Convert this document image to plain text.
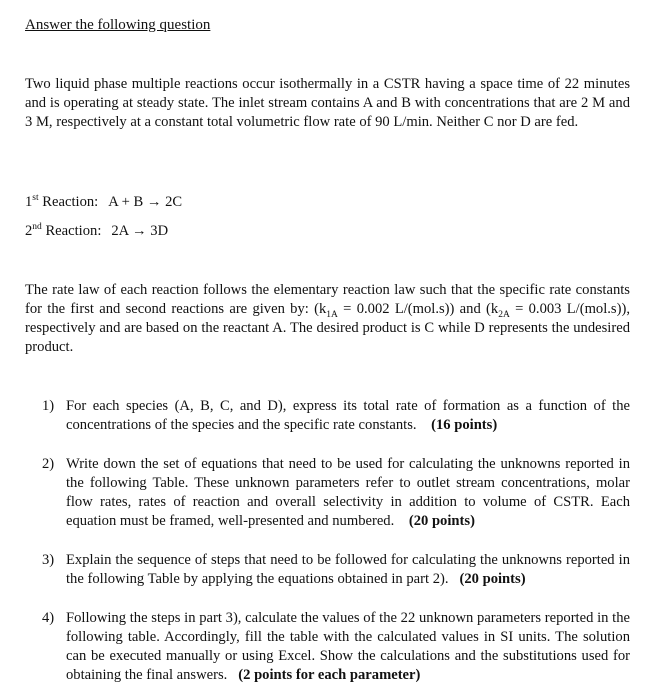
Answer the following question
Two liquid phase multiple reactions occur isothermally in a CSTR having a space time of 22 minutes and is operating at steady state. The inlet stream contains A and B with concentrations that are 2 M and 3 M, respectively at a constant total volumetric flow rate of 90 L/min. Neither C nor D are fed.
1st Reaction: A + B → 2C
2nd Reaction: 2A → 3D
The rate law of each reaction follows the elementary reaction law such that the specific rate constants for the first and second reactions are given by: ($k_{1A} = 0.002$ L/(mol.s)) and ($k_{2A} = 0.003$ L/(mol.s)), respectively and are based on the reactant A. The desired product is C while D represents the undesired product.
1) For each species (A, B, C, and D), express its total rate of formation as a function of the concentrations of the species and the specific rate constants. (16 points)
2) Write down the set of equations that need to be used for calculating the unknowns reported in the following Table. These unknown parameters refer to outlet stream concentrations, molar flow rates, rates of reaction and overall selectivity in addition to volume of CSTR. Each equation must be framed, well-presented and numbered. (20 points)
3) Explain the sequence of steps that need to be followed for calculating the unknowns reported in the following Table by applying the equations obtained in part 2). (20 points)
4) Following the steps in part 3), calculate the values of the 22 unknown parameters reported in the following table. Accordingly, fill the table with the calculated values in SI units. The solution can be executed manually or using Excel. Show the calculations and the substitutions used for obtaining the final answers. (2 points for each parameter)
